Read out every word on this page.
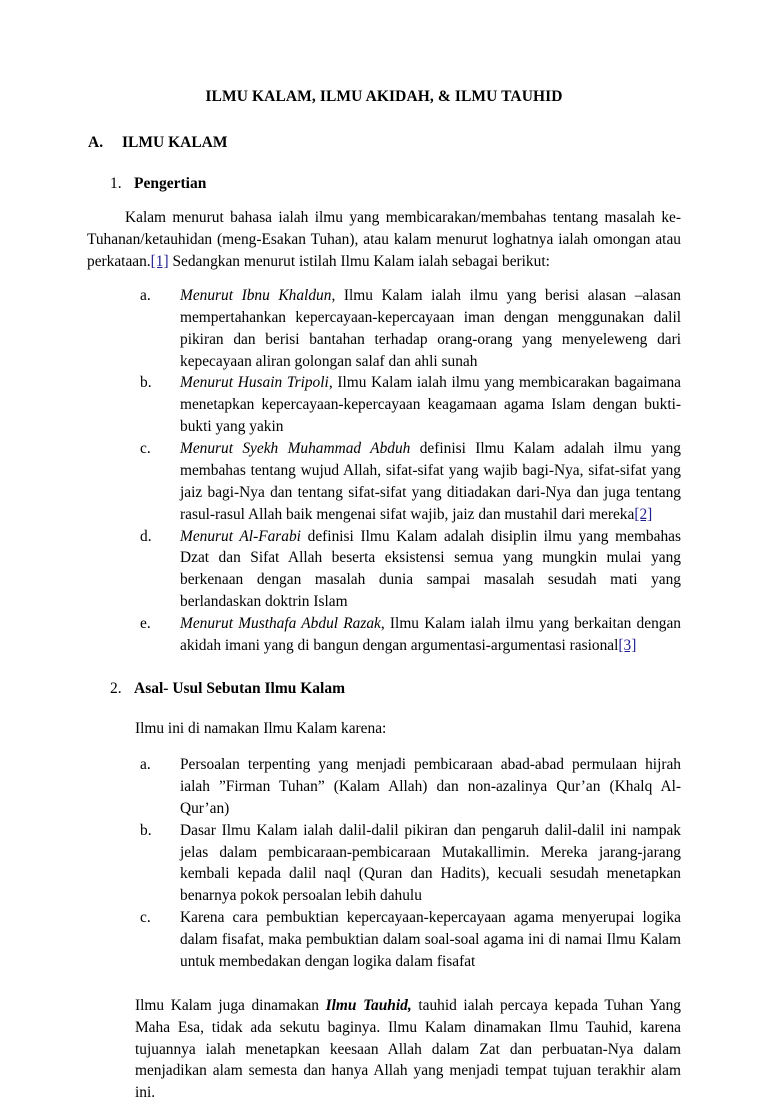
ILMU KALAM, ILMU AKIDAH, & ILMU TAUHID
A.	ILMU KALAM
1. Pengertian

Kalam menurut bahasa ialah ilmu yang membicarakan/membahas tentang masalah ke-Tuhanan/ketauhidan (meng-Esakan Tuhan), atau kalam menurut loghatnya ialah omongan atau perkataan.[1] Sedangkan menurut istilah Ilmu Kalam ialah sebagai berikut:

a.	Menurut Ibnu Khaldun, Ilmu Kalam ialah ilmu yang berisi alasan –alasan mempertahankan kepercayaan-kepercayaan iman dengan menggunakan dalil pikiran dan berisi bantahan terhadap orang-orang yang menyeleweng dari kepecayaan aliran golongan salaf dan ahli sunah
b.	Menurut Husain Tripoli, Ilmu Kalam ialah ilmu yang membicarakan bagaimana menetapkan kepercayaan-kepercayaan keagamaan agama Islam dengan bukti-bukti yang yakin
c.	Menurut Syekh Muhammad Abduh definisi Ilmu Kalam adalah ilmu yang membahas tentang wujud Allah, sifat-sifat yang wajib bagi-Nya, sifat-sifat yang jaiz bagi-Nya dan tentang sifat-sifat yang ditiadakan dari-Nya dan juga tentang rasul-rasul Allah baik mengenai sifat wajib, jaiz dan mustahil dari mereka[2]
d.	Menurut Al-Farabi definisi Ilmu Kalam adalah disiplin ilmu yang membahas Dzat dan Sifat Allah beserta eksistensi semua yang mungkin mulai yang berkenaan dengan masalah dunia sampai masalah sesudah mati yang berlandaskan doktrin Islam
e.	Menurut Musthafa Abdul Razak, Ilmu Kalam ialah ilmu yang berkaitan dengan akidah imani yang di bangun dengan argumentasi-argumentasi rasional[3]
2. Asal- Usul Sebutan Ilmu Kalam

Ilmu ini di namakan Ilmu Kalam karena:

a.	Persoalan terpenting yang menjadi pembicaraan abad-abad permulaan hijrah ialah ”Firman Tuhan” (Kalam Allah) dan non-azalinya Qur’an (Khalq Al-Qur’an)
b.	Dasar Ilmu Kalam ialah dalil-dalil pikiran dan pengaruh dalil-dalil ini nampak jelas dalam pembicaraan-pembicaraan Mutakallimin. Mereka jarang-jarang kembali kepada dalil naql (Quran dan Hadits), kecuali sesudah menetapkan benarnya pokok persoalan lebih dahulu
c.	Karena cara pembuktian kepercayaan-kepercayaan agama menyerupai logika dalam fisafat, maka pembuktian dalam soal-soal agama ini di namai Ilmu Kalam untuk membedakan dengan logika dalam fisafat

Ilmu Kalam juga dinamakan Ilmu Tauhid, tauhid ialah percaya kepada Tuhan Yang Maha Esa, tidak ada sekutu baginya. Ilmu Kalam dinamakan Ilmu Tauhid, karena tujuannya ialah menetapkan keesaan Allah dalam Zat dan perbuatan-Nya dalam menjadikan alam semesta dan hanya Allah yang menjadi tempat tujuan terakhir alam ini.
